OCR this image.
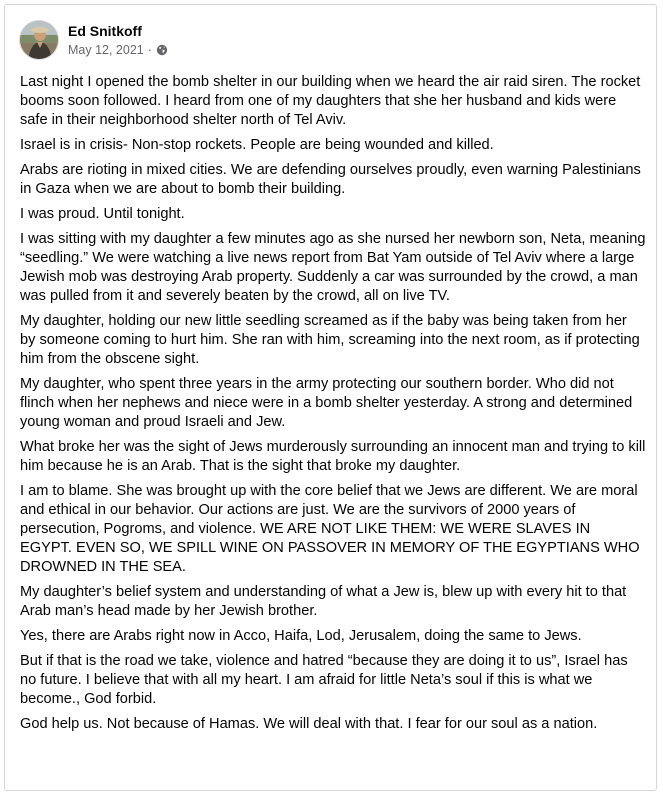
Ed Snitkoff
May 12, 2021 ·

Last night I opened the bomb shelter in our building when we heard the air raid siren. The rocket booms soon followed. I heard from one of my daughters that she her husband and kids were safe in their neighborhood shelter north of Tel Aviv.

Israel is in crisis- Non-stop rockets. People are being wounded and killed.

Arabs are rioting in mixed cities. We are defending ourselves proudly, even warning Palestinians in Gaza when we are about to bomb their building.

I was proud. Until tonight.

I was sitting with my daughter a few minutes ago as she nursed her newborn son, Neta, meaning “seedling.” We were watching a live news report from Bat Yam outside of Tel Aviv where a large Jewish mob was destroying Arab property. Suddenly a car was surrounded by the crowd, a man was pulled from it and severely beaten by the crowd, all on live TV.

My daughter, holding our new little seedling screamed as if the baby was being taken from her by someone coming to hurt him. She ran with him, screaming into the next room, as if protecting him from the obscene sight.

My daughter, who spent three years in the army protecting our southern border. Who did not flinch when her nephews and niece were in a bomb shelter yesterday. A strong and determined young woman and proud Israeli and Jew.

What broke her was the sight of Jews murderously surrounding an innocent man and trying to kill him because he is an Arab. That is the sight that broke my daughter.

I am to blame. She was brought up with the core belief that we Jews are different. We are moral and ethical in our behavior. Our actions are just. We are the survivors of 2000 years of persecution, Pogroms, and violence. WE ARE NOT LIKE THEM: WE WERE SLAVES IN EGYPT. EVEN SO, WE SPILL WINE ON PASSOVER IN MEMORY OF THE EGYPTIANS WHO DROWNED IN THE SEA.

My daughter’s belief system and understanding of what a Jew is, blew up with every hit to that Arab man’s head made by her Jewish brother.

Yes, there are Arabs right now in Acco, Haifa, Lod, Jerusalem, doing the same to Jews.

But if that is the road we take, violence and hatred “because they are doing it to us”, Israel has no future. I believe that with all my heart. I am afraid for little Neta’s soul if this is what we become., God forbid.

God help us. Not because of Hamas. We will deal with that. I fear for our soul as a nation.
